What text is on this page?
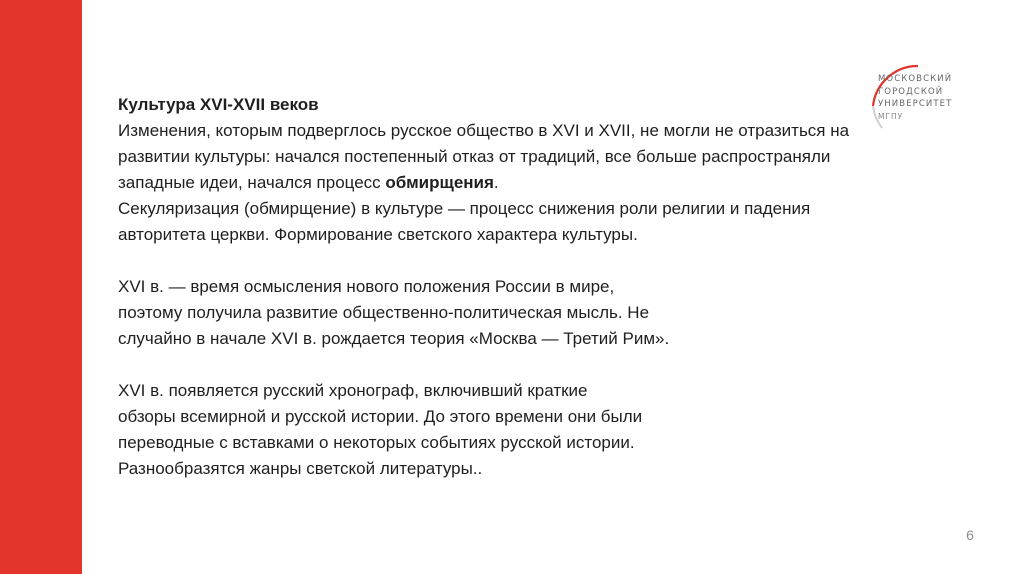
МОСКОВСКИЙ
ГОРОДСКОЙ
УНИВЕРСИТЕТ
МГПУ
Культура XVI-XVII веков

Изменения, которым подверглось русское общество в XVI и XVII, не могли не отразиться на развитии культуры: начался постепенный отказ от традиций, все больше распространяли западные идеи, начался процесс обмирщения.

Секуляризация (обмирщение) в культуре — процесс снижения роли религии и падения авторитета церкви. Формирование светского характера культуры.

XVI в. — время осмысления нового положения России в мире,

поэтому получила развитие общественно-политическая мысль. Не

случайно в начале XVI в. рождается теория «Москва — Третий Рим».

XVI в. появляется русский хронограф, включивший краткие

обзоры всемирной и русской истории. До этого времени они были

переводные с вставками о некоторых событиях русской истории.

Разнообразятся жанры светской литературы..

6
